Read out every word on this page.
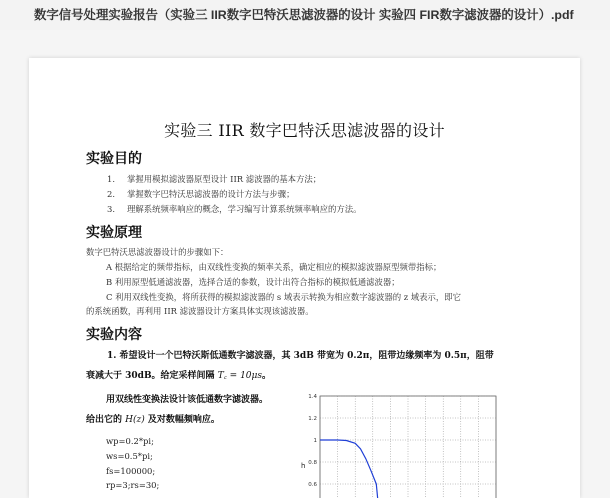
数字信号处理实验报告（实验三 IIR数字巴特沃思滤波器的设计 实验四 FIR数字滤波器的设计）.pdf
实验三 IIR 数字巴特沃思滤波器的设计
实验目的
1. 掌握用模拟滤波器原型设计 IIR 滤波器的基本方法；
2. 掌握数字巴特沃思滤波器的设计方法与步骤；
3. 理解系统频率响应的概念，学习编写计算系统频率响应的方法。
实验原理
数字巴特沃思滤波器设计的步骤如下：
A 根据给定的频带指标，由双线性变换的频率关系，确定相应的模拟滤波器原型频带指标；
B 利用原型低通滤波器，选择合适的参数，设计出符合指标的模拟低通滤波器；
C 利用双线性变换，将所获得的模拟滤波器的 s 域表示转换为相应数字滤波器的 z 域表示，即它
的系统函数，再利用 IIR 滤波器设计方案具体实现该滤波器。
实验内容
1. 希望设计一个巴特沃斯低通数字滤波器，其 3dB 带宽为 0.2π，阻带边缘频率为 0.5π，阻带
衰减大于 30dB。给定采样间隔 T꜀ = 10μs。
用双线性变换法设计该低通数字滤波器。
给出它的 H(z) 及对数幅频响应。
wp=0.2*pi;
ws=0.5*pi;
fs=100000;
rp=3;rs=30;
1.4
1.2
1
0.8
0.6
h
